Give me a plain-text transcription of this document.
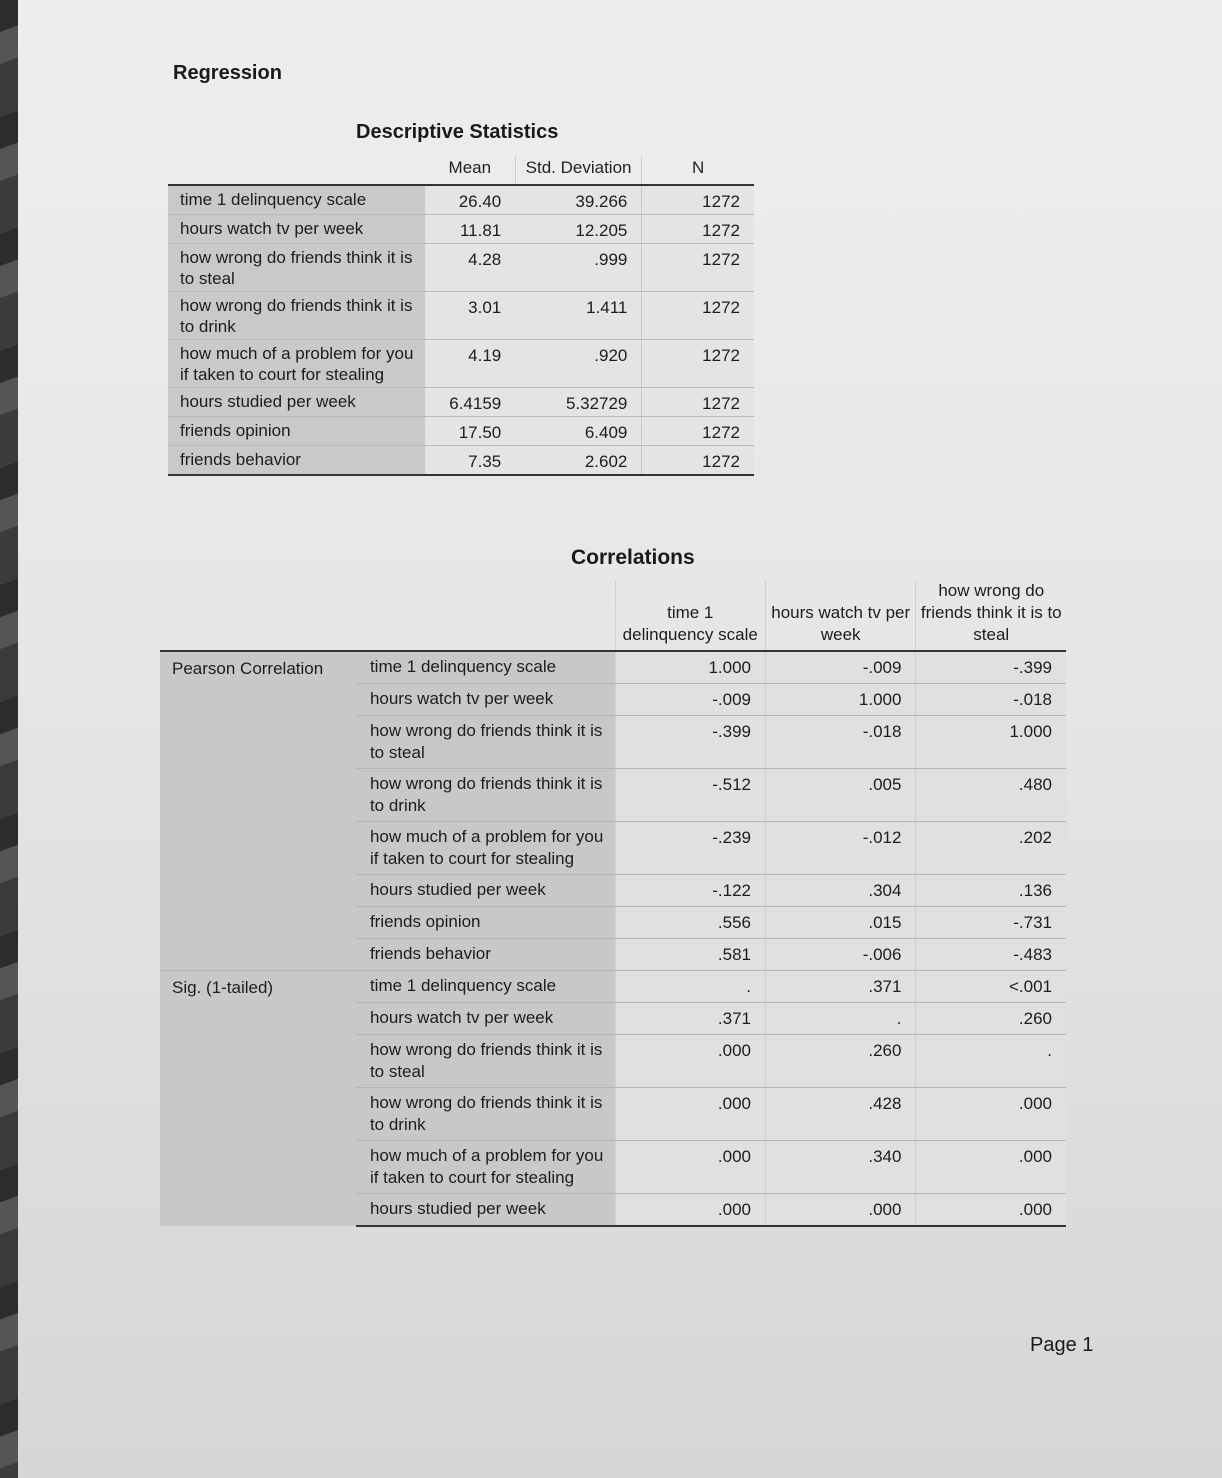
Regression
Descriptive Statistics
	Mean	Std. Deviation	N
time 1 delinquency scale	26.40	39.266	1272
hours watch tv per week	11.81	12.205	1272
how wrong do friends think it is to steal	4.28	.999	1272
how wrong do friends think it is to drink	3.01	1.411	1272
how much of a problem for you if taken to court for stealing	4.19	.920	1272
hours studied per week	6.4159	5.32729	1272
friends opinion	17.50	6.409	1272
friends behavior	7.35	2.602	1272
Correlations
		time 1 delinquency scale	hours watch tv per week	how wrong do friends think it is to steal
Pearson Correlation	time 1 delinquency scale	1.000	-.009	-.399
	hours watch tv per week	-.009	1.000	-.018
	how wrong do friends think it is to steal	-.399	-.018	1.000
	how wrong do friends think it is to drink	-.512	.005	.480
	how much of a problem for you if taken to court for stealing	-.239	-.012	.202
	hours studied per week	-.122	.304	.136
	friends opinion	.556	.015	-.731
	friends behavior	.581	-.006	-.483
Sig. (1-tailed)	time 1 delinquency scale	.	.371	<.001
	hours watch tv per week	.371	.	.260
	how wrong do friends think it is to steal	.000	.260	.
	how wrong do friends think it is to drink	.000	.428	.000
	how much of a problem for you if taken to court for stealing	.000	.340	.000
	hours studied per week	.000	.000	.000
Page 1
